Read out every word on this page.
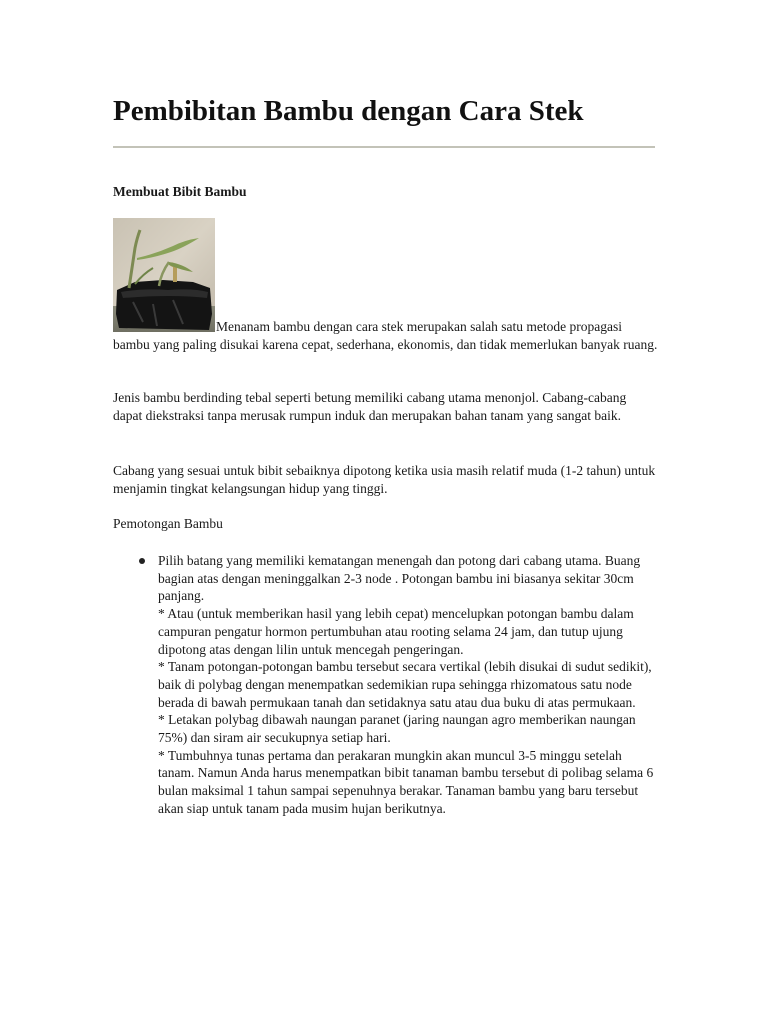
Pembibitan Bambu dengan Cara Stek
Membuat Bibit Bambu

Menanam bambu dengan cara stek merupakan salah satu metode propagasi bambu yang paling disukai karena cepat, sederhana, ekonomis, dan tidak memerlukan banyak ruang.

Jenis bambu berdinding tebal seperti betung memiliki cabang utama menonjol. Cabang-cabang dapat diekstraksi tanpa merusak rumpun induk dan merupakan bahan tanam yang sangat baik.

Cabang yang sesuai untuk bibit sebaiknya dipotong ketika usia masih relatif muda (1-2 tahun) untuk menjamin tingkat kelangsungan hidup yang tinggi.

Pemotongan Bambu

Pilih batang yang memiliki kematangan menengah dan potong dari cabang utama. Buang bagian atas dengan meninggalkan 2-3 node . Potongan bambu ini biasanya sekitar 30cm panjang.
* Atau (untuk memberikan hasil yang lebih cepat) mencelupkan potongan bambu dalam campuran pengatur hormon pertumbuhan atau rooting selama 24 jam, dan tutup ujung dipotong atas dengan lilin untuk mencegah pengeringan.
* Tanam potongan-potongan bambu tersebut secara vertikal (lebih disukai di sudut sedikit), baik di polybag dengan menempatkan sedemikian rupa sehingga rhizomatous satu node berada di bawah permukaan tanah dan setidaknya satu atau dua buku di atas permukaan.
* Letakan polybag dibawah naungan paranet (jaring naungan agro memberikan naungan 75%) dan siram air secukupnya setiap hari.
* Tumbuhnya tunas pertama dan perakaran mungkin akan muncul 3-5 minggu setelah tanam. Namun Anda harus menempatkan bibit tanaman bambu tersebut di polibag selama 6 bulan maksimal 1 tahun sampai sepenuhnya berakar. Tanaman bambu yang baru tersebut akan siap untuk tanam pada musim hujan berikutnya.
